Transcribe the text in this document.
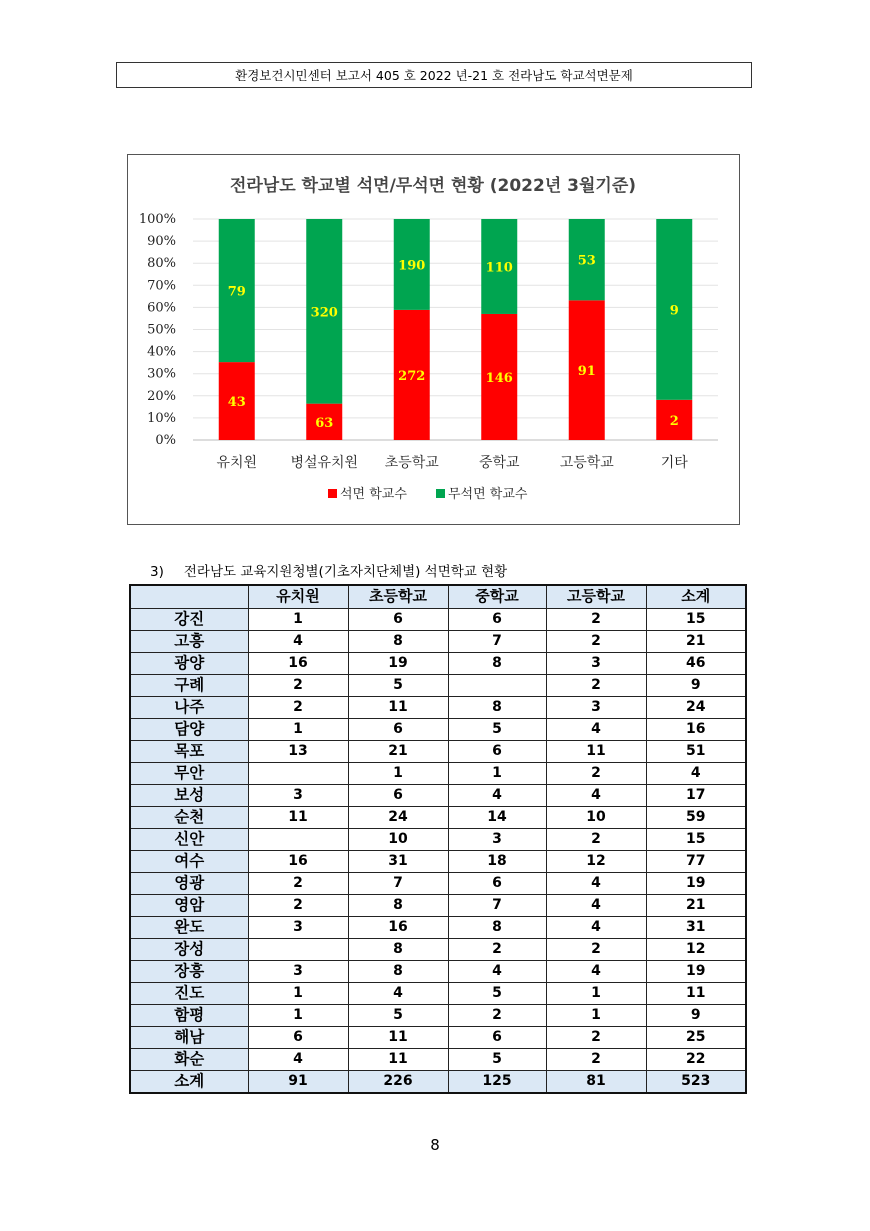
환경보건시민센터 보고서 405 호 2022 년-21 호 전라남도 학교석면문제
전라남도 학교별 석면/무석면 현황 (2022년 3월기준)
0%
10%
20%
30%
40%
50%
60%
70%
80%
90%
100%
43
79
유치원
63
320
병설유치원
272
190
초등학교
146
110
중학교
91
53
고등학교
2
9
기타
석면 학교수	무석면 학교수
3) 전라남도 교육지원청별(기초자치단체별) 석면학교 현황
	유치원	초등학교	중학교	고등학교	소계
강진	1	6	6	2	15
고흥	4	8	7	2	21
광양	16	19	8	3	46
구례	2	5		2	9
나주	2	11	8	3	24
담양	1	6	5	4	16
목포	13	21	6	11	51
무안		1	1	2	4
보성	3	6	4	4	17
순천	11	24	14	10	59
신안		10	3	2	15
여수	16	31	18	12	77
영광	2	7	6	4	19
영암	2	8	7	4	21
완도	3	16	8	4	31
장성		8	2	2	12
장흥	3	8	4	4	19
진도	1	4	5	1	11
함평	1	5	2	1	9
해남	6	11	6	2	25
화순	4	11	5	2	22
소계	91	226	125	81	523
8
